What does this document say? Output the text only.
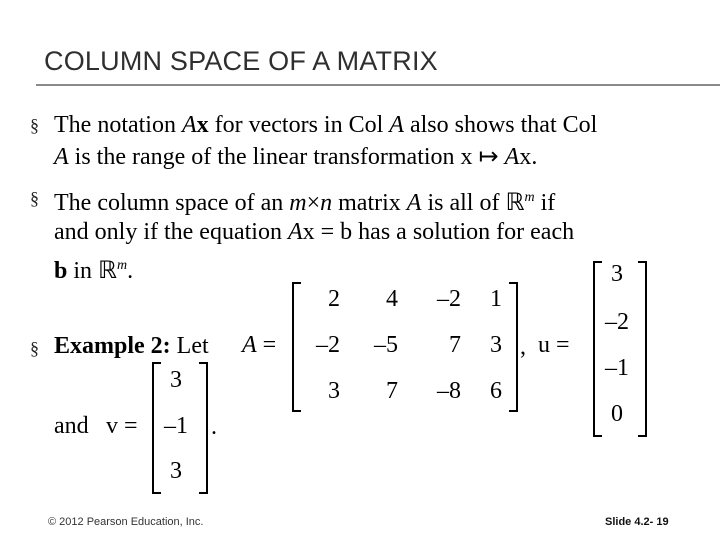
COLUMN SPACE OF A MATRIX
§ The notation Ax for vectors in Col A also shows that Col
A is the range of the linear transformation x ↦ Ax.
§ The column space of an m×n matrix A is all of ℝ$^m$ if
and only if the equation Ax = b has a solution for each
b in ℝ$^m$.
§ Example 2: Let A =
2	4	–2	1
–2	–5	7	3
3	7	–8	6
, u =
3
–2
–1
0
and v =
3
–1
3
.
© 2012 Pearson Education, Inc.	Slide 4.2- 19
